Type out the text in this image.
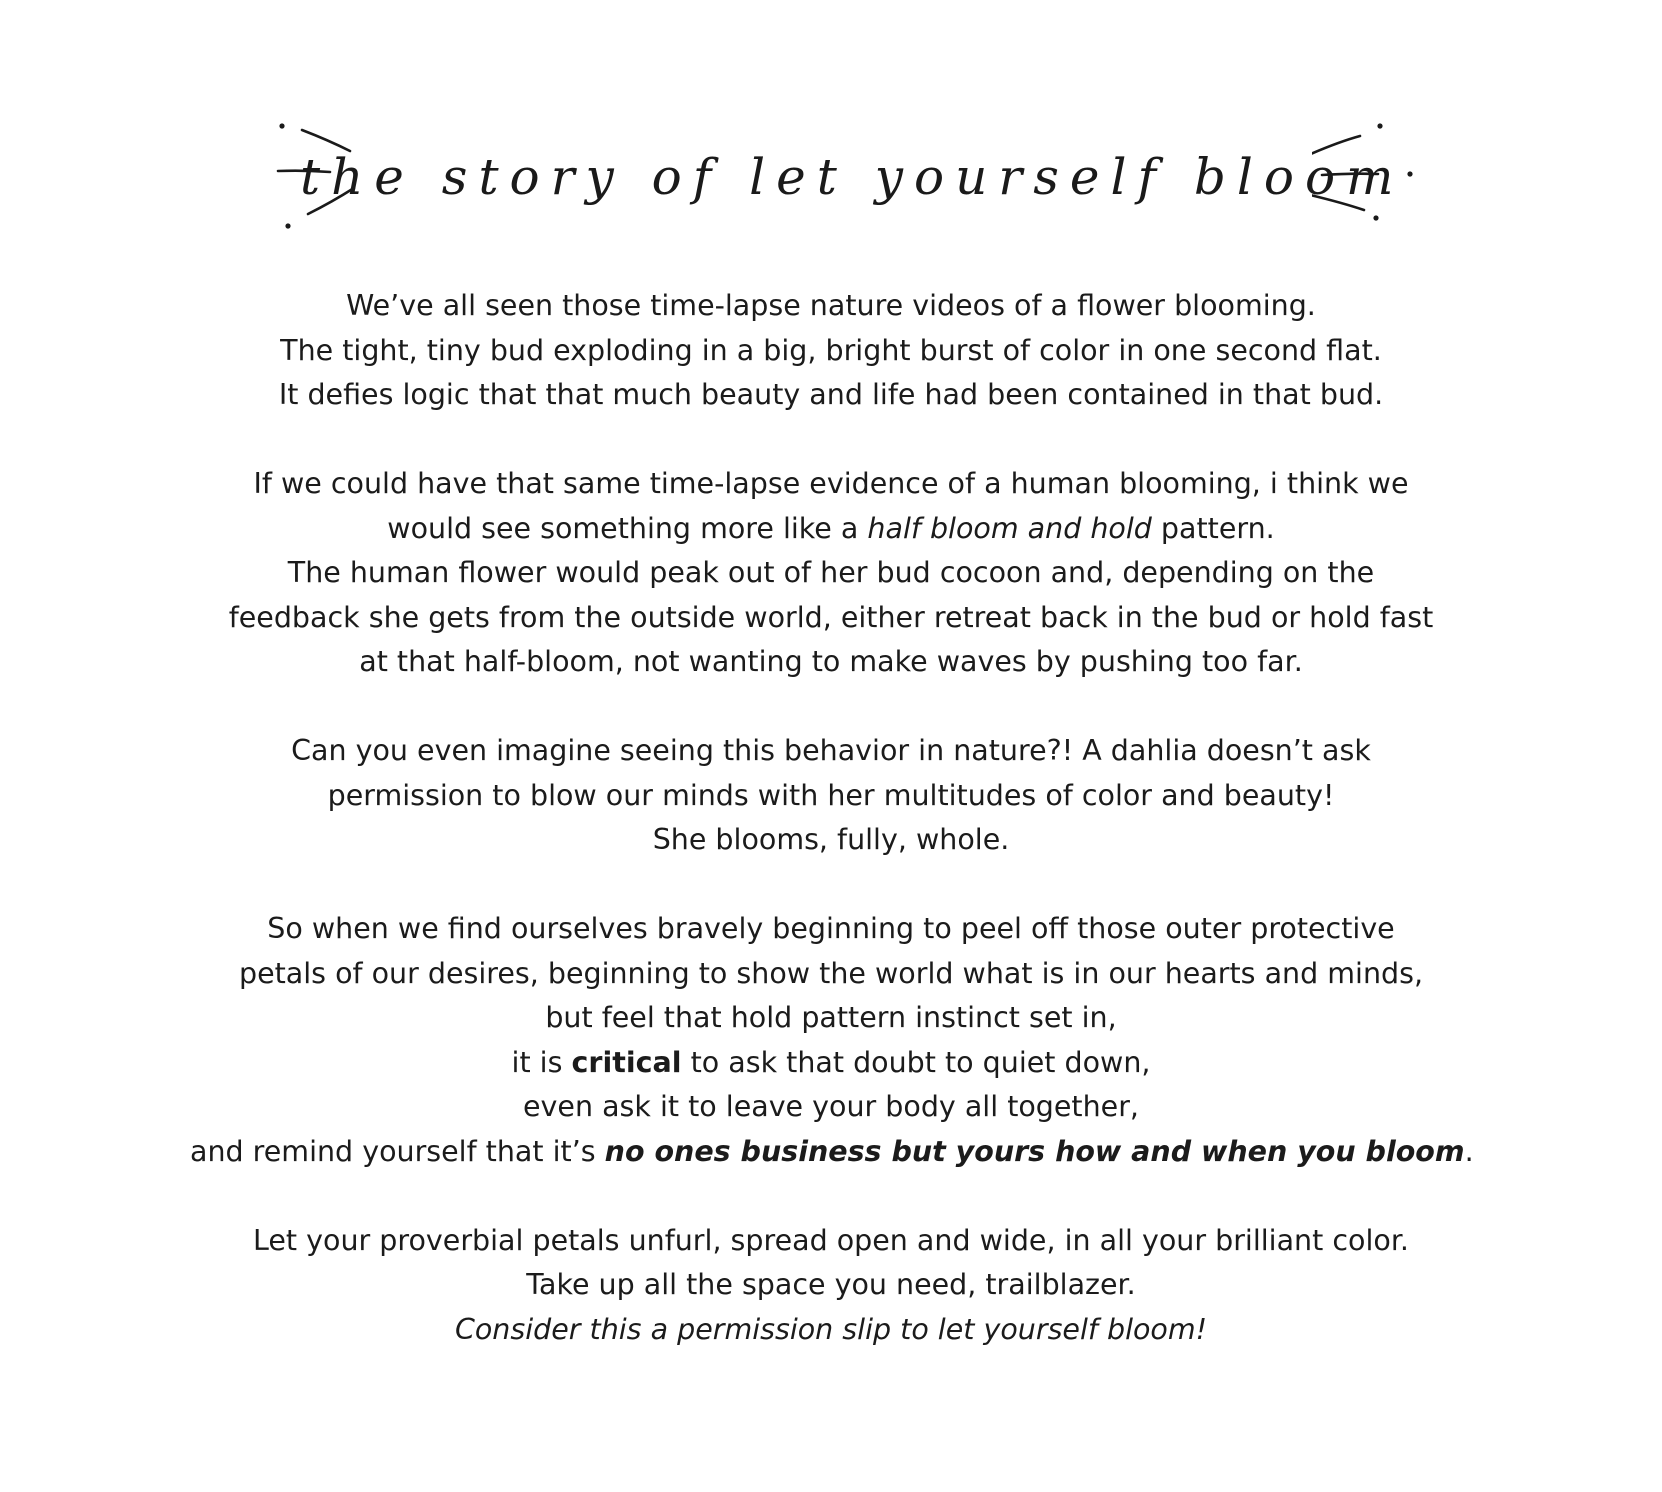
the story of let yourself bloom
We’ve all seen those time-lapse nature videos of a flower blooming.
The tight, tiny bud exploding in a big, bright burst of color in one second flat.
It defies logic that that much beauty and life had been contained in that bud.
If we could have that same time-lapse evidence of a human blooming, i think we
would see something more like a half bloom and hold pattern.
The human flower would peak out of her bud cocoon and, depending on the
feedback she gets from the outside world, either retreat back in the bud or hold fast
at that half-bloom, not wanting to make waves by pushing too far.
Can you even imagine seeing this behavior in nature?! A dahlia doesn’t ask
permission to blow our minds with her multitudes of color and beauty!
She blooms, fully, whole.
So when we find ourselves bravely beginning to peel off those outer protective
petals of our desires, beginning to show the world what is in our hearts and minds,
but feel that hold pattern instinct set in,
it is critical to ask that doubt to quiet down,
even ask it to leave your body all together,
and remind yourself that it’s no ones business but yours how and when you bloom.
Let your proverbial petals unfurl, spread open and wide, in all your brilliant color.
Take up all the space you need, trailblazer.
Consider this a permission slip to let yourself bloom!
